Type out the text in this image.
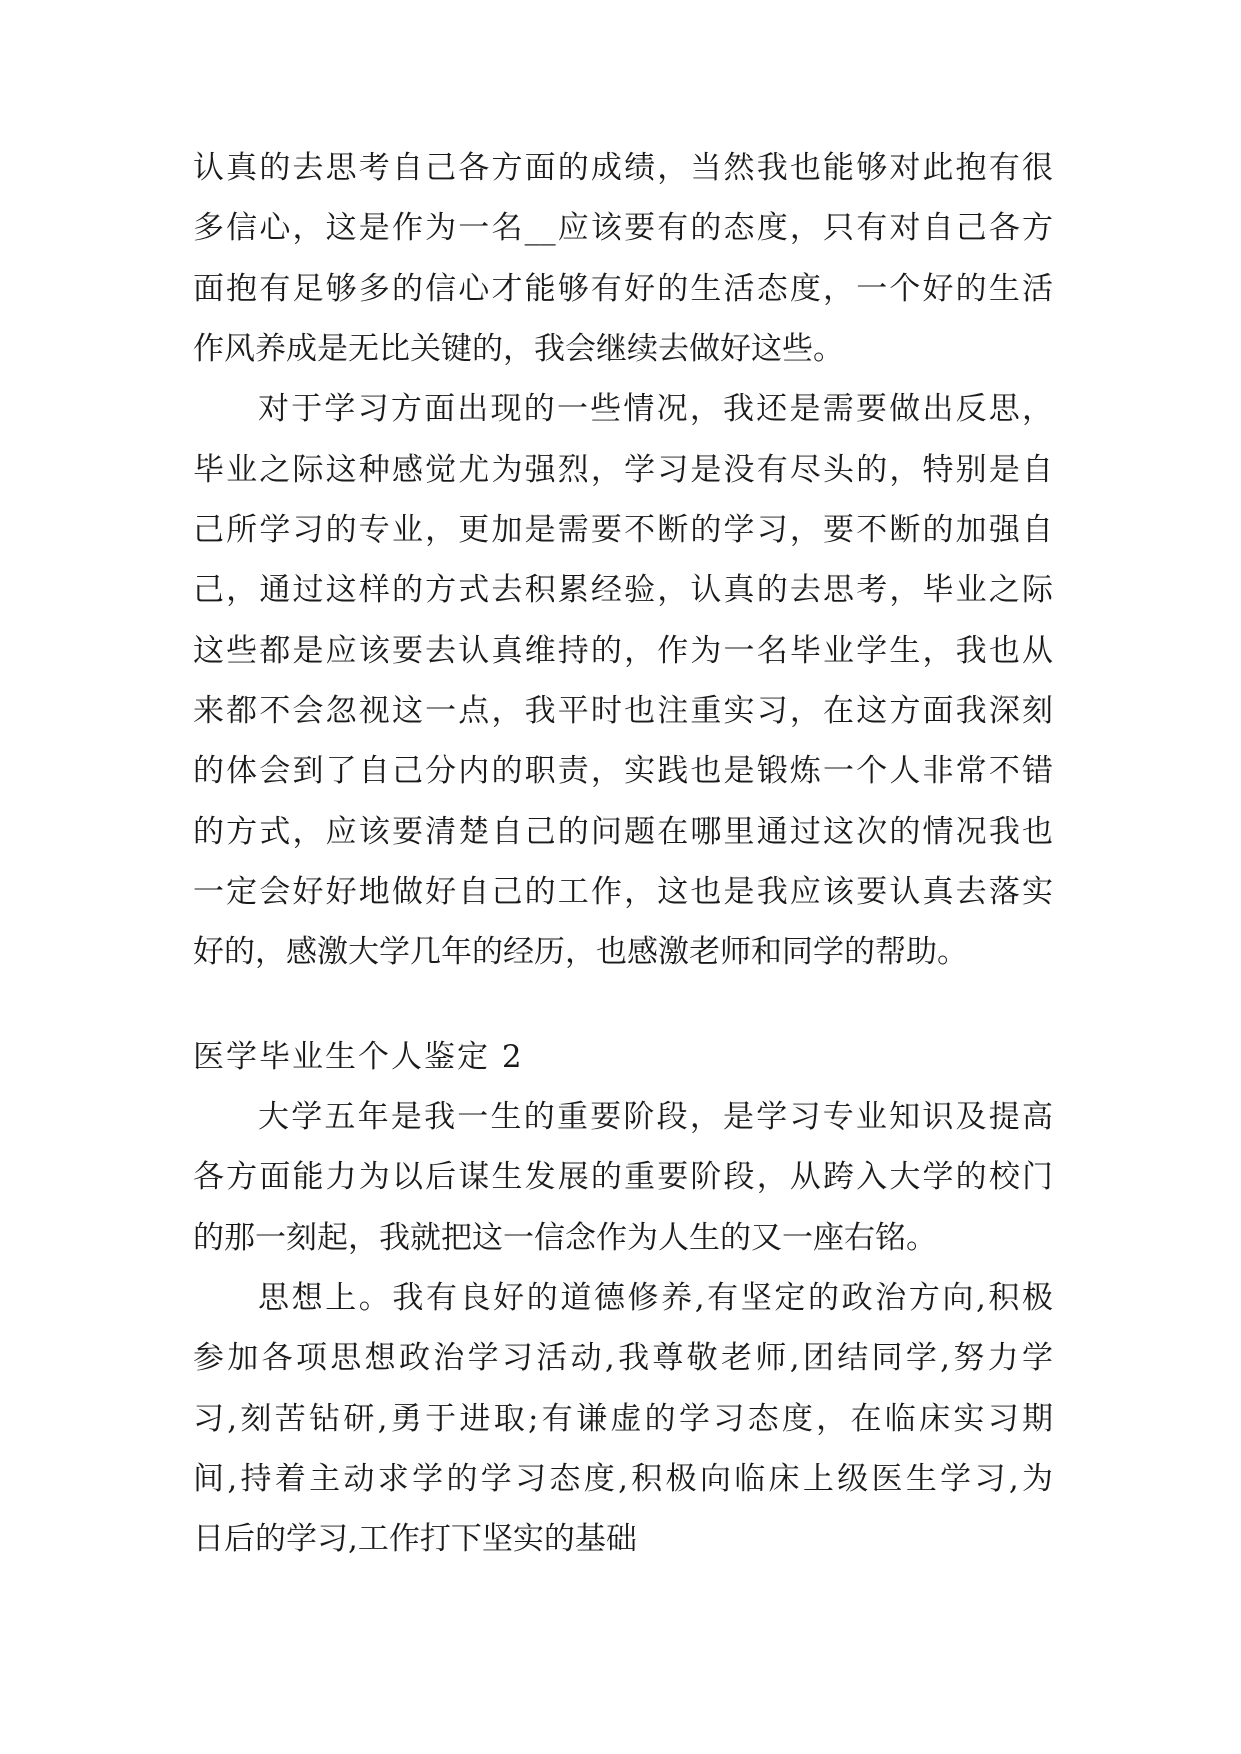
认真的去思考自己各方面的成绩，当然我也能够对此抱有很
多信心，这是作为一名__应该要有的态度，只有对自己各方
面抱有足够多的信心才能够有好的生活态度，一个好的生活
作风养成是无比关键的，我会继续去做好这些。
对于学习方面出现的一些情况，我还是需要做出反思，
毕业之际这种感觉尤为强烈，学习是没有尽头的，特别是自
己所学习的专业，更加是需要不断的学习，要不断的加强自
己，通过这样的方式去积累经验，认真的去思考，毕业之际
这些都是应该要去认真维持的，作为一名毕业学生，我也从
来都不会忽视这一点，我平时也注重实习，在这方面我深刻
的体会到了自己分内的职责，实践也是锻炼一个人非常不错
的方式，应该要清楚自己的问题在哪里通过这次的情况我也
一定会好好地做好自己的工作，这也是我应该要认真去落实
好的，感激大学几年的经历，也感激老师和同学的帮助。
医学毕业生个人鉴定 2
大学五年是我一生的重要阶段，是学习专业知识及提高
各方面能力为以后谋生发展的重要阶段，从跨入大学的校门
的那一刻起，我就把这一信念作为人生的又一座右铭。
思想上。我有良好的道德修养,有坚定的政治方向,积极
参加各项思想政治学习活动,我尊敬老师,团结同学,努力学
习,刻苦钻研,勇于进取;有谦虚的学习态度，在临床实习期
间,持着主动求学的学习态度,积极向临床上级医生学习,为
日后的学习,工作打下坚实的基础
